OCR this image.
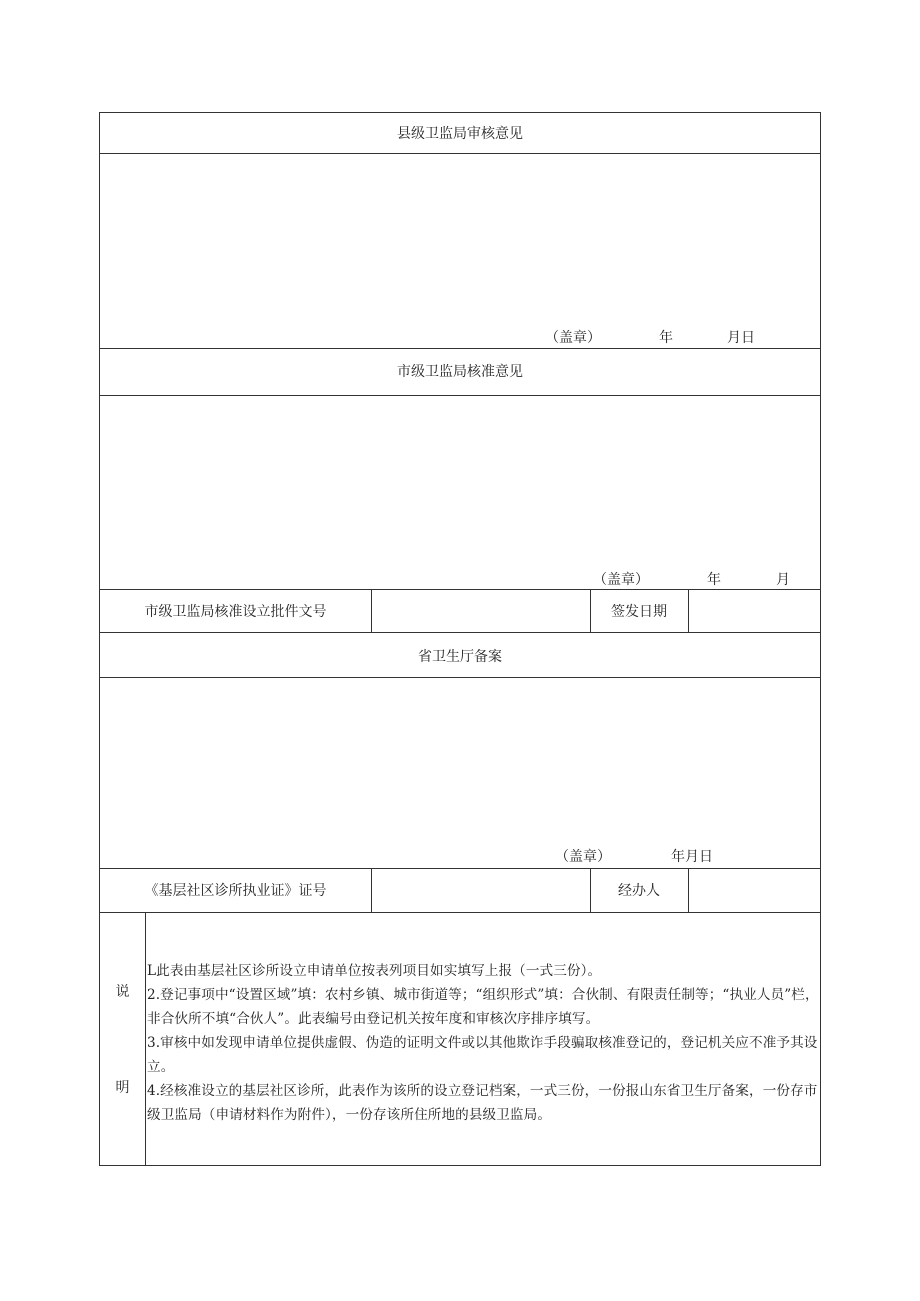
县级卫监局审核意见
（盖章）	年	月日
市级卫监局核准意见
（盖章）	年	月
市级卫监局核准设立批件文号	签发日期
省卫生厅备案
（盖章）	年月日
《基层社区诊所执业证》证号	经办人
说
明

L此表由基层社区诊所设立申请单位按表列项目如实填写上报（一式三份）。

2.登记事项中“设置区域”填：农村乡镇、城市街道等；“组织形式”填：合伙制、有限责任制等；“执业人员”栏，非合伙所不填“合伙人”。此表编号由登记机关按年度和审核次序排序填写。

3.审核中如发现申请单位提供虚假、伪造的证明文件或以其他欺诈手段骗取核准登记的，登记机关应不准予其设立。

4.经核准设立的基层社区诊所，此表作为该所的设立登记档案，一式三份，一份报山东省卫生厅备案，一份存市级卫监局（申请材料作为附件），一份存该所住所地的县级卫监局。
